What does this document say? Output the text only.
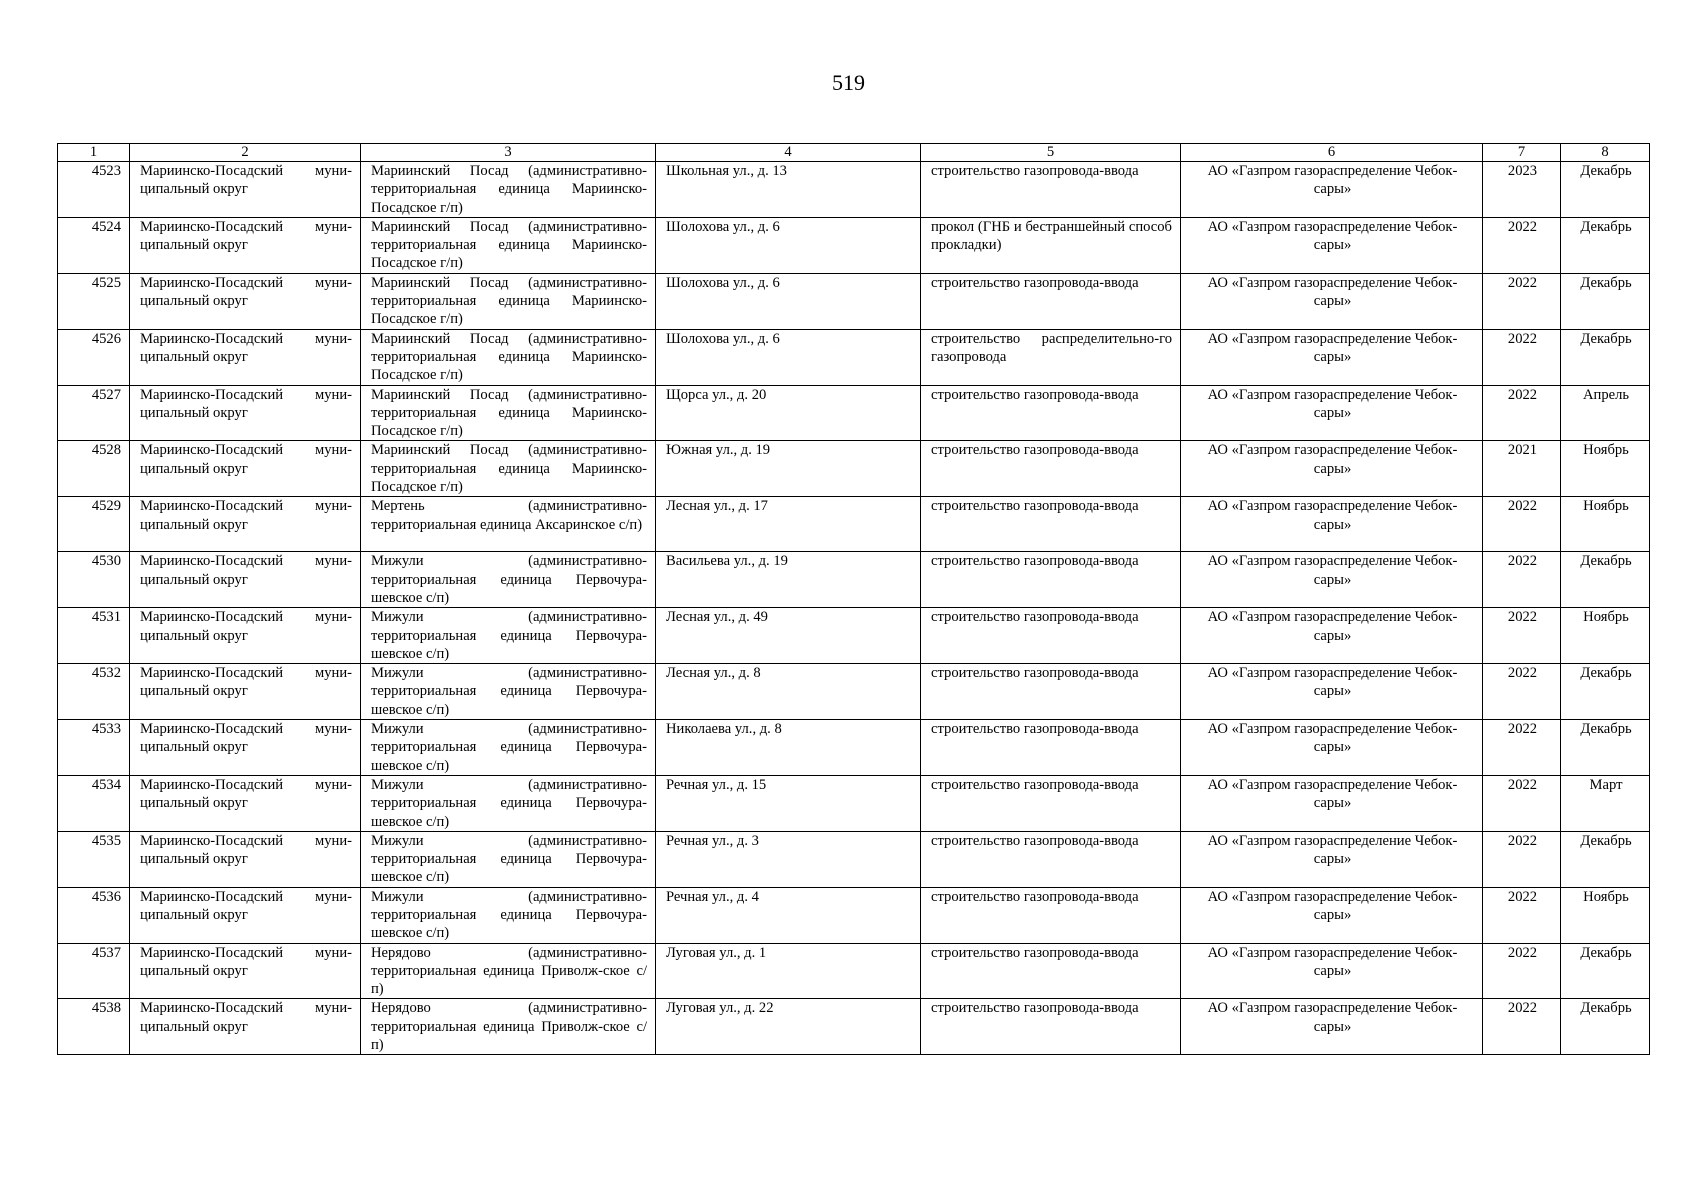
519
1	2	3	4	5	6	7	8
4523	Мариинско-Посадский муни-ципальный округ	Мариинский Посад (административно-территориальная единица Мариинско-Посадское г/п)	Школьная ул., д. 13	строительство газопровода-ввода	АО «Газпром газораспределение Чебок-сары»	2023	Декабрь
4524	Мариинско-Посадский муни-ципальный округ	Мариинский Посад (административно-территориальная единица Мариинско-Посадское г/п)	Шолохова ул., д. 6	прокол (ГНБ и бестраншейный способ прокладки)	АО «Газпром газораспределение Чебок-сары»	2022	Декабрь
4525	Мариинско-Посадский муни-ципальный округ	Мариинский Посад (административно-территориальная единица Мариинско-Посадское г/п)	Шолохова ул., д. 6	строительство газопровода-ввода	АО «Газпром газораспределение Чебок-сары»	2022	Декабрь
4526	Мариинско-Посадский муни-ципальный округ	Мариинский Посад (административно-территориальная единица Мариинско-Посадское г/п)	Шолохова ул., д. 6	строительство распределительно-го газопровода	АО «Газпром газораспределение Чебок-сары»	2022	Декабрь
4527	Мариинско-Посадский муни-ципальный округ	Мариинский Посад (административно-территориальная единица Мариинско-Посадское г/п)	Щорса ул., д. 20	строительство газопровода-ввода	АО «Газпром газораспределение Чебок-сары»	2022	Апрель
4528	Мариинско-Посадский муни-ципальный округ	Мариинский Посад (административно-территориальная единица Мариинско-Посадское г/п)	Южная ул., д. 19	строительство газопровода-ввода	АО «Газпром газораспределение Чебок-сары»	2021	Ноябрь
4529	Мариинско-Посадский муни-ципальный округ	Мертень (административно-территориальная единица Аксаринское с/п)	Лесная ул., д. 17	строительство газопровода-ввода	АО «Газпром газораспределение Чебок-сары»	2022	Ноябрь
4530	Мариинско-Посадский муни-ципальный округ	Мижули (административно-территориальная единица Первочура-шевское с/п)	Васильева ул., д. 19	строительство газопровода-ввода	АО «Газпром газораспределение Чебок-сары»	2022	Декабрь
4531	Мариинско-Посадский муни-ципальный округ	Мижули (административно-территориальная единица Первочура-шевское с/п)	Лесная ул., д. 49	строительство газопровода-ввода	АО «Газпром газораспределение Чебок-сары»	2022	Ноябрь
4532	Мариинско-Посадский муни-ципальный округ	Мижули (административно-территориальная единица Первочура-шевское с/п)	Лесная ул., д. 8	строительство газопровода-ввода	АО «Газпром газораспределение Чебок-сары»	2022	Декабрь
4533	Мариинско-Посадский муни-ципальный округ	Мижули (административно-территориальная единица Первочура-шевское с/п)	Николаева ул., д. 8	строительство газопровода-ввода	АО «Газпром газораспределение Чебок-сары»	2022	Декабрь
4534	Мариинско-Посадский муни-ципальный округ	Мижули (административно-территориальная единица Первочура-шевское с/п)	Речная ул., д. 15	строительство газопровода-ввода	АО «Газпром газораспределение Чебок-сары»	2022	Март
4535	Мариинско-Посадский муни-ципальный округ	Мижули (административно-территориальная единица Первочура-шевское с/п)	Речная ул., д. 3	строительство газопровода-ввода	АО «Газпром газораспределение Чебок-сары»	2022	Декабрь
4536	Мариинско-Посадский муни-ципальный округ	Мижули (административно-территориальная единица Первочура-шевское с/п)	Речная ул., д. 4	строительство газопровода-ввода	АО «Газпром газораспределение Чебок-сары»	2022	Ноябрь
4537	Мариинско-Посадский муни-ципальный округ	Нерядово (административно-территориальная единица Приволж-ское с/п)	Луговая ул., д. 1	строительство газопровода-ввода	АО «Газпром газораспределение Чебок-сары»	2022	Декабрь
4538	Мариинско-Посадский муни-ципальный округ	Нерядово (административно-территориальная единица Приволж-ское с/п)	Луговая ул., д. 22	строительство газопровода-ввода	АО «Газпром газораспределение Чебок-сары»	2022	Декабрь
